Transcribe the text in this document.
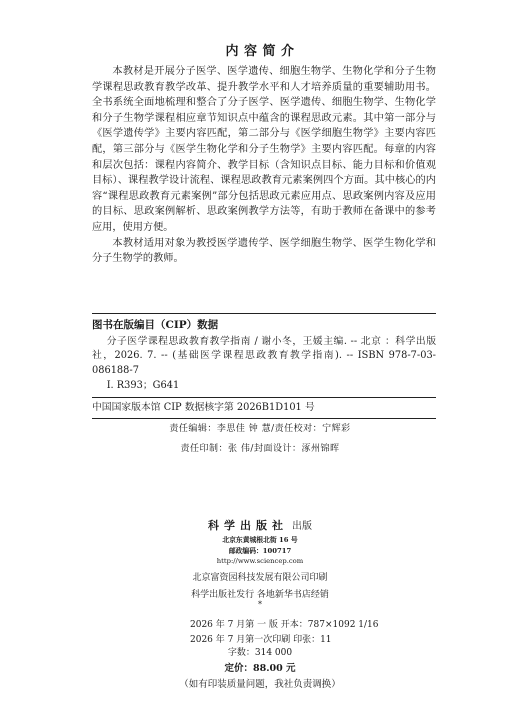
内 容 简 介

本教材是开展分子医学、医学遗传、细胞生物学、生物化学和分子生物学课程思政教育教学改革、提升教学水平和人才培养质量的重要辅助用书。全书系统全面地梳理和整合了分子医学、医学遗传、细胞生物学、生物化学和分子生物学课程相应章节知识点中蕴含的课程思政元素。其中第一部分与《医学遗传学》主要内容匹配，第二部分与《医学细胞生物学》主要内容匹配，第三部分与《医学生物化学和分子生物学》主要内容匹配。每章的内容和层次包括：课程内容简介、教学目标（含知识点目标、能力目标和价值观目标）、课程教学设计流程、课程思政教育元素案例四个方面。其中核心的内容“课程思政教育元素案例”部分包括思政元素应用点、思政案例内容及应用的目标、思政案例解析、思政案例教学方法等，有助于教师在备课中的参考应用，使用方便。

本教材适用对象为教授医学遗传学、医学细胞生物学、医学生物化学和分子生物学的教师。

图书在版编目（CIP）数据
分子医学课程思政教育教学指南 / 谢小冬，王媛主编. -- 北京 ：科学出版社，2026. 7. -- (基础医学课程思政教育教学指南). -- ISBN 978-7-03-086188-7
Ⅰ. R393；G641
中国国家版本馆 CIP 数据核字第 2026B1D101 号
责任编辑：李思佳 钟 慧/责任校对：宁辉彩
责任印制：张 伟/封面设计：涿州锦晖
科学出版社 出版
北京东黄城根北街 16 号
邮政编码：100717
http://www.sciencep.com
北京富资园科技发展有限公司印刷
科学出版社发行 各地新华书店经销
*
2026 年 7 月第 一 版 开本：787×1092 1/16
2026 年 7 月第一次印刷 印张：11
字数：314 000
定价：88.00 元
（如有印装质量问题，我社负责调换）
